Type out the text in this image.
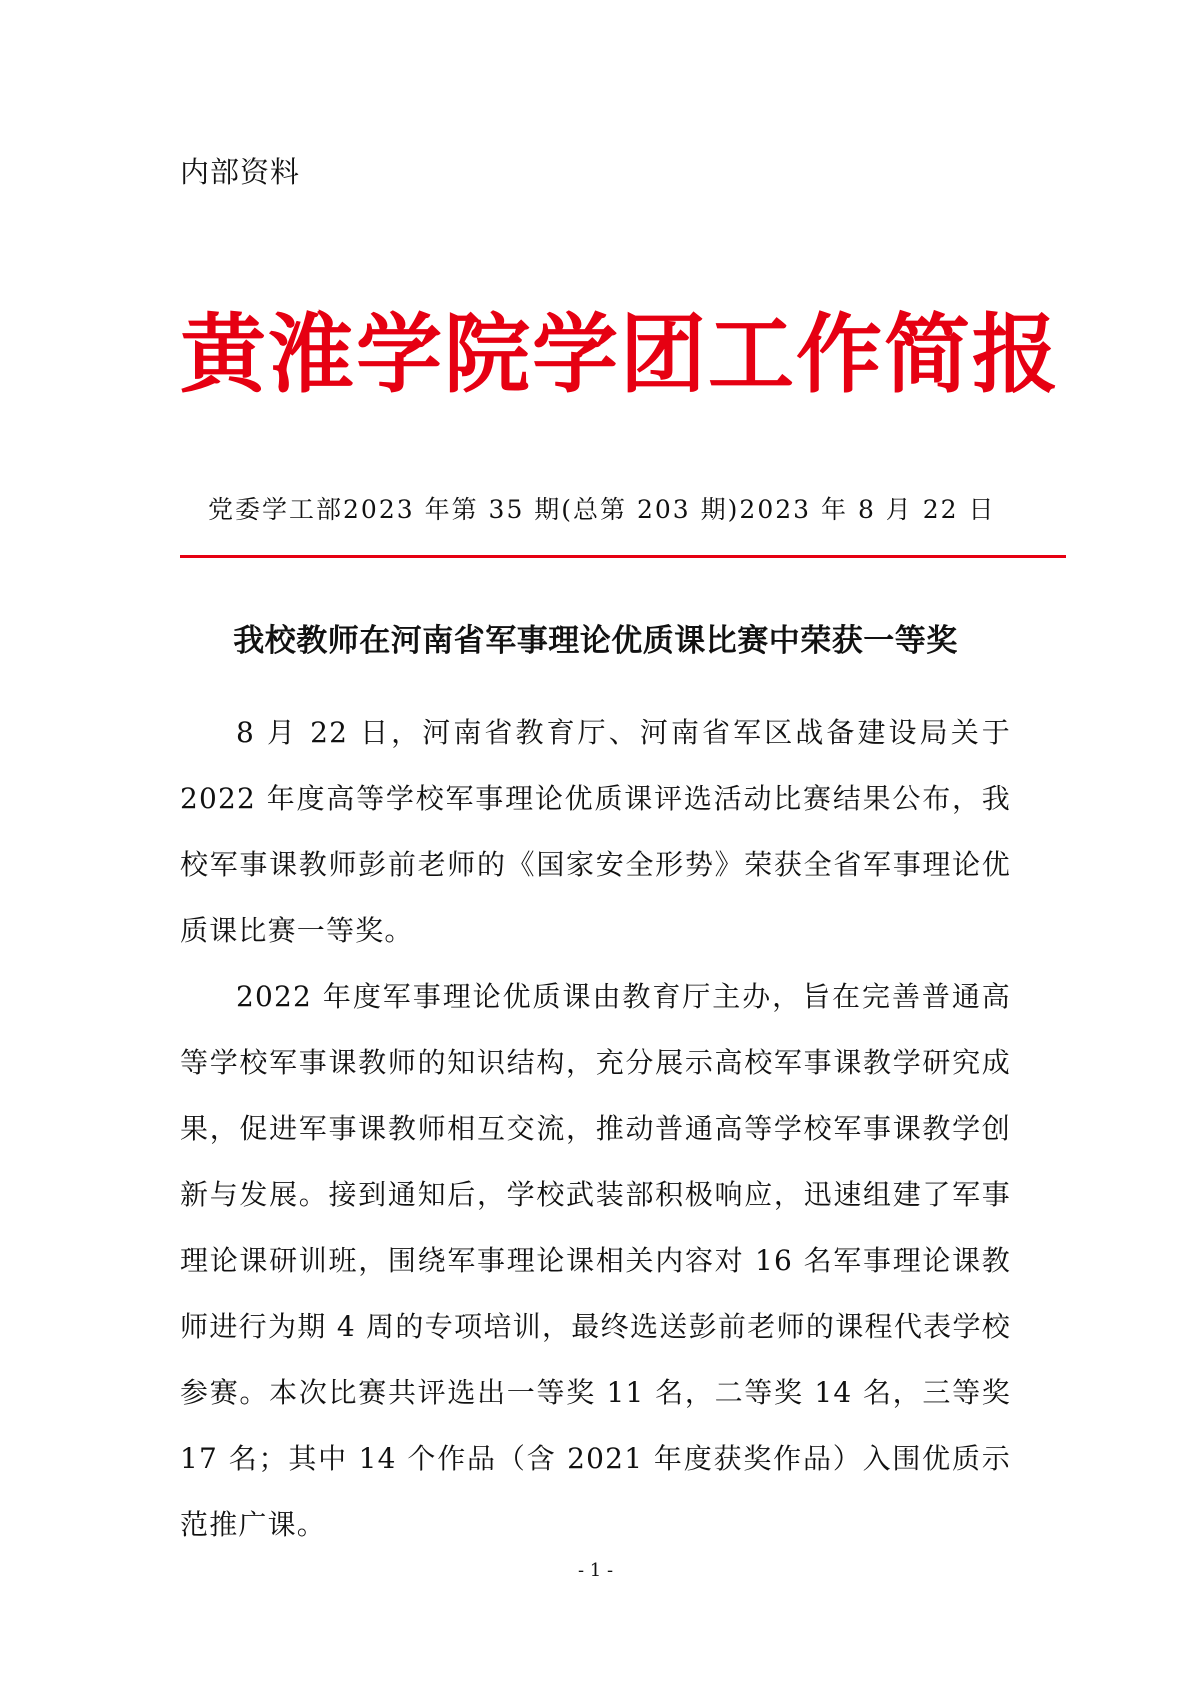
内部资料
黄淮学院学团工作简报
党委学工部 2023 年第 35 期(总第 203 期) 2023 年 8 月 22 日
我校教师在河南省军事理论优质课比赛中荣获一等奖

8 月 22 日，河南省教育厅、河南省军区战备建设局关于 2022 年度高等学校军事理论优质课评选活动比赛结果公布，我校军事课教师彭前老师的《国家安全形势》荣获全省军事理论优质课比赛一等奖。

2022 年度军事理论优质课由教育厅主办，旨在完善普通高等学校军事课教师的知识结构，充分展示高校军事课教学研究成果，促进军事课教师相互交流，推动普通高等学校军事课教学创新与发展。接到通知后，学校武装部积极响应，迅速组建了军事理论课研训班，围绕军事理论课相关内容对 16 名军事理论课教师进行为期 4 周的专项培训，最终选送彭前老师的课程代表学校参赛。本次比赛共评选出一等奖 11 名，二等奖 14 名，三等奖 17 名；其中 14 个作品（含 2021 年度获奖作品）入围优质示范推广课。

- 1 -
